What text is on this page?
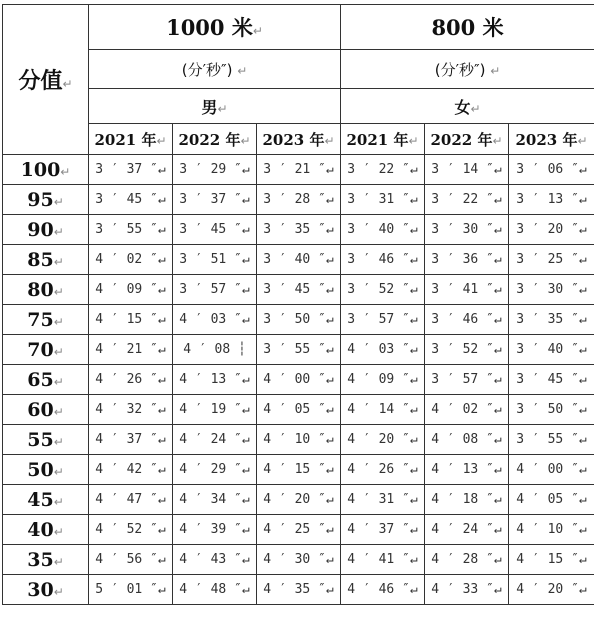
分值↵	1000 米↵			800 米		
	(分′秒″) ↵			(分′秒″) ↵		
	男↵			女↵		
	2021 年↵	2022 年↵	2023 年↵	2021 年↵	2022 年↵	2023 年↵
100↵	3 ′ 37 ″↵	3 ′ 29 ″↵	3 ′ 21 ″↵	3 ′ 22 ″↵	3 ′ 14 ″↵	3 ′ 06 ″↵
95↵	3 ′ 45 ″↵	3 ′ 37 ″↵	3 ′ 28 ″↵	3 ′ 31 ″↵	3 ′ 22 ″↵	3 ′ 13 ″↵
90↵	3 ′ 55 ″↵	3 ′ 45 ″↵	3 ′ 35 ″↵	3 ′ 40 ″↵	3 ′ 30 ″↵	3 ′ 20 ″↵
85↵	4 ′ 02 ″↵	3 ′ 51 ″↵	3 ′ 40 ″↵	3 ′ 46 ″↵	3 ′ 36 ″↵	3 ′ 25 ″↵
80↵	4 ′ 09 ″↵	3 ′ 57 ″↵	3 ′ 45 ″↵	3 ′ 52 ″↵	3 ′ 41 ″↵	3 ′ 30 ″↵
75↵	4 ′ 15 ″↵	4 ′ 03 ″↵	3 ′ 50 ″↵	3 ′ 57 ″↵	3 ′ 46 ″↵	3 ′ 35 ″↵
70↵	4 ′ 21 ″↵	4 ′ 08 ┆	3 ′ 55 ″↵	4 ′ 03 ″↵	3 ′ 52 ″↵	3 ′ 40 ″↵
65↵	4 ′ 26 ″↵	4 ′ 13 ″↵	4 ′ 00 ″↵	4 ′ 09 ″↵	3 ′ 57 ″↵	3 ′ 45 ″↵
60↵	4 ′ 32 ″↵	4 ′ 19 ″↵	4 ′ 05 ″↵	4 ′ 14 ″↵	4 ′ 02 ″↵	3 ′ 50 ″↵
55↵	4 ′ 37 ″↵	4 ′ 24 ″↵	4 ′ 10 ″↵	4 ′ 20 ″↵	4 ′ 08 ″↵	3 ′ 55 ″↵
50↵	4 ′ 42 ″↵	4 ′ 29 ″↵	4 ′ 15 ″↵	4 ′ 26 ″↵	4 ′ 13 ″↵	4 ′ 00 ″↵
45↵	4 ′ 47 ″↵	4 ′ 34 ″↵	4 ′ 20 ″↵	4 ′ 31 ″↵	4 ′ 18 ″↵	4 ′ 05 ″↵
40↵	4 ′ 52 ″↵	4 ′ 39 ″↵	4 ′ 25 ″↵	4 ′ 37 ″↵	4 ′ 24 ″↵	4 ′ 10 ″↵
35↵	4 ′ 56 ″↵	4 ′ 43 ″↵	4 ′ 30 ″↵	4 ′ 41 ″↵	4 ′ 28 ″↵	4 ′ 15 ″↵
30↵	5 ′ 01 ″↵	4 ′ 48 ″↵	4 ′ 35 ″↵	4 ′ 46 ″↵	4 ′ 33 ″↵	4 ′ 20 ″↵
